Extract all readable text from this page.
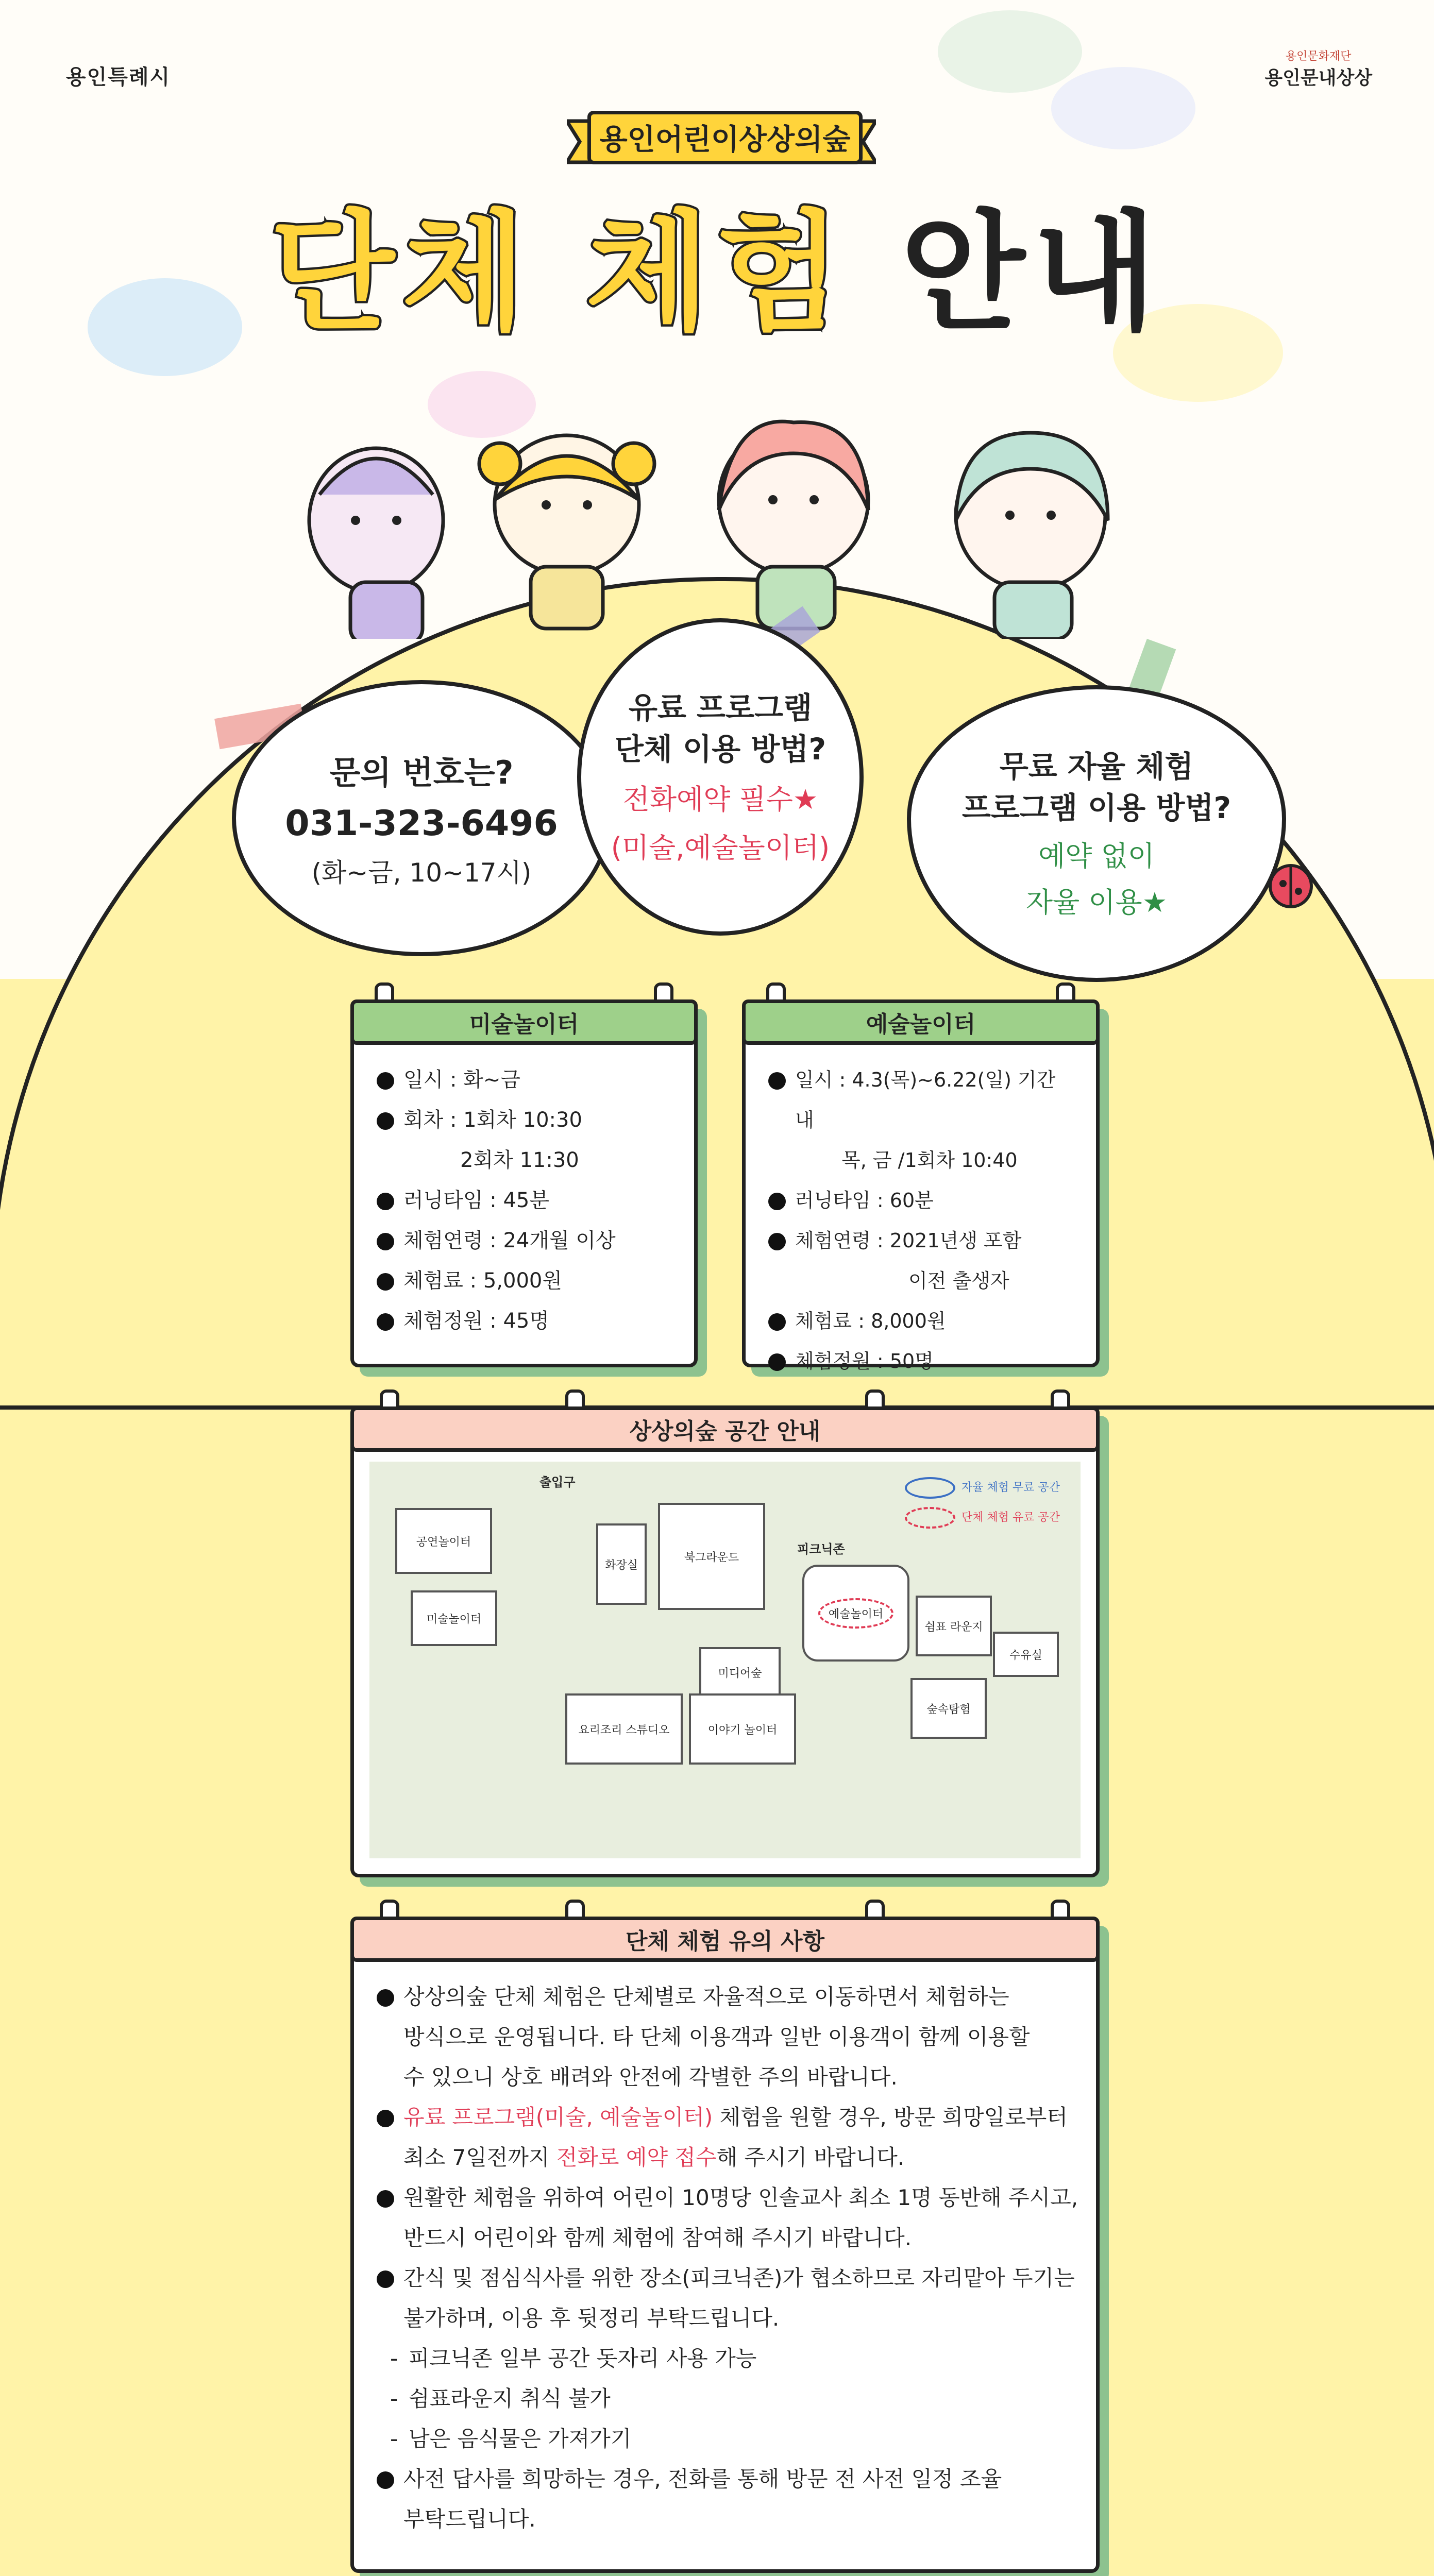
용인특례시
용인문화재단
용인문내상상
용인어린이상상의숲
단체 체험 안내
문의 번호는?
031-323-6496
(화~금, 10~17시)
유료 프로그램
단체 이용 방법?
전화예약 필수★
(미술,예술놀이터)
무료 자율 체험
프로그램 이용 방법?
예약 없이
자율 이용★
미술놀이터
일시 : 화~금
회차 : 1회차 10:30
2회차 11:30
러닝타임 : 45분
체험연령 : 24개월 이상
체험료 : 5,000원
체험정원 : 45명
예술놀이터
일시 : 4.3(목)~6.22(일) 기간 내
목, 금 /1회차 10:40
러닝타임 : 60분
체험연령 : 2021년생 포함
이전 출생자
체험료 : 8,000원
체험정원 : 50명
상상의숲 공간 안내
출입구
공연놀이터
미술놀이터
화장실
북그라운드
피크닉존
예술놀이터
쉼표 라운지
미디어숲
요리조리 스튜디오	이야기 놀이터
숲속탐험
수유실
자율 체험 무료 공간
단체 체험 유료 공간
단체 체험 유의 사항
상상의숲 단체 체험은 단체별로 자율적으로 이동하면서 체험하는
방식으로 운영됩니다. 타 단체 이용객과 일반 이용객이 함께 이용할
수 있으니 상호 배려와 안전에 각별한 주의 바랍니다.
유료 프로그램(미술, 예술놀이터) 체험을 원할 경우, 방문 희망일로부터
최소 7일전까지 전화로 예약 접수해 주시기 바랍니다.
원활한 체험을 위하여 어린이 10명당 인솔교사 최소 1명 동반해 주시고,
반드시 어린이와 함께 체험에 참여해 주시기 바랍니다.
간식 및 점심식사를 위한 장소(피크닉존)가 협소하므로 자리맡아 두기는
불가하며, 이용 후 뒷정리 부탁드립니다.
- 피크닉존 일부 공간 돗자리 사용 가능
- 쉼표라운지 취식 불가
- 남은 음식물은 가져가기
사전 답사를 희망하는 경우, 전화를 통해 방문 전 사전 일정 조율
부탁드립니다.
